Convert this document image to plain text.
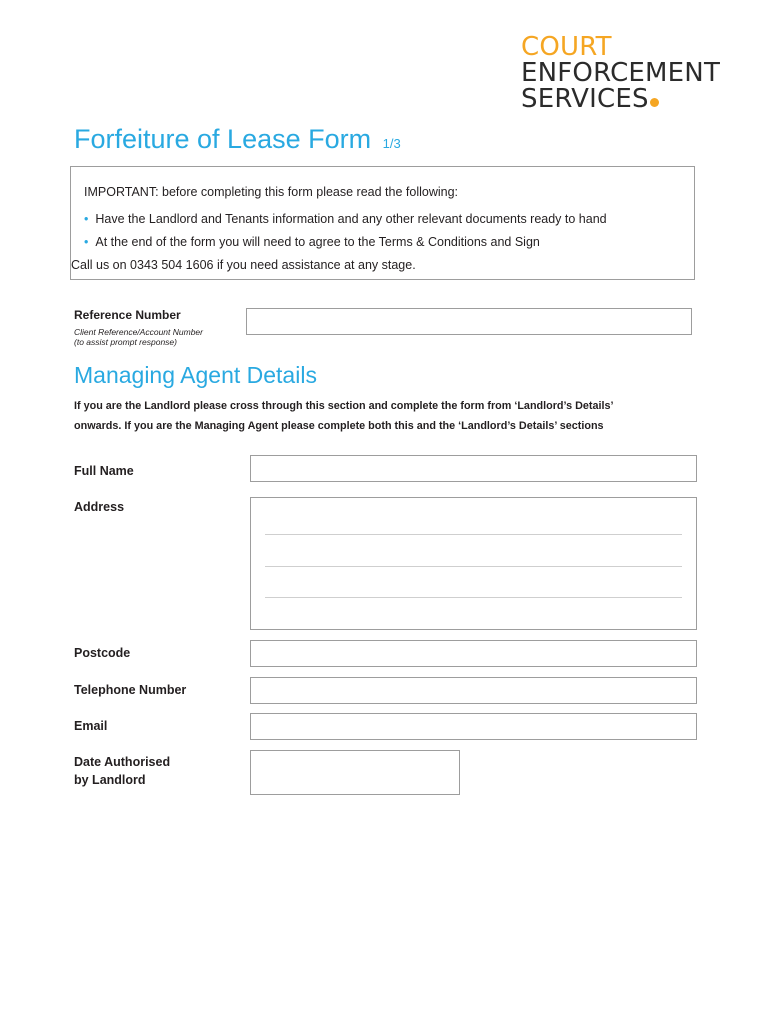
COURT
ENFORCEMENT
SERVICES
Forfeiture of Lease Form 1/3
IMPORTANT: before completing this form please read the following:
• Have the Landlord and Tenants information and any other relevant documents ready to hand
• At the end of the form you will need to agree to the Terms & Conditions and Sign
Call us on 0343 504 1606 if you need assistance at any stage.
Reference Number
Client Reference/Account Number
(to assist prompt response)
Managing Agent Details
If you are the Landlord please cross through this section and complete the form from ‘Landlord’s Details’
onwards. If you are the Managing Agent please complete both this and the ‘Landlord’s Details’ sections
Full Name
Address
Postcode
Telephone Number
Email
Date Authorised
by Landlord
